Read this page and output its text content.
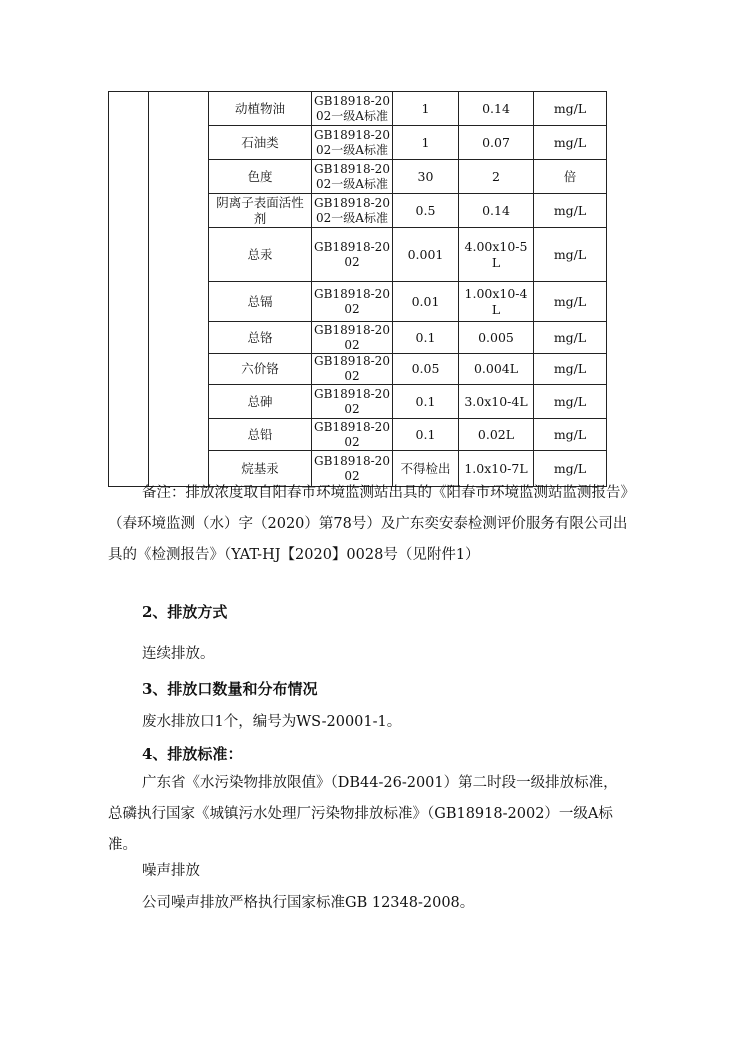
		动植物油	GB18918-2002一级A标准	1	0.14	mg/L

		石油类	GB18918-2002一级A标准	1	0.07	mg/L

		色度	GB18918-2002一级A标准	30	2	倍

		阴离子表面活性剂	GB18918-2002一级A标准	0.5	0.14	mg/L

		总汞	GB18918-2002	0.001	4.00x10-5L	mg/L

		总镉	GB18918-2002	0.01	1.00x10-4L	mg/L

		总铬	GB18918-2002	0.1	0.005	mg/L

		六价铬	GB18918-2002	0.05	0.004L	mg/L

		总砷	GB18918-2002	0.1	3.0x10-4L	mg/L

		总铅	GB18918-2002	0.1	0.02L	mg/L

		烷基汞	GB18918-2002	不得检出	1.0x10-7L	mg/L

备注：排放浓度取自阳春市环境监测站出具的《阳春市环境监测站监测报告》（春环境监测（水）字（2020）第78号）及广东奕安泰检测评价服务有限公司出具的《检测报告》（YAT-HJ【2020】0028号（见附件1）

2、排放方式

连续排放。

3、排放口数量和分布情况

废水排放口1个，编号为WS-20001-1。

4、排放标准：

广东省《水污染物排放限值》（DB44-26-2001）第二时段一级排放标准，总磷执行国家《城镇污水处理厂污染物排放标准》（GB18918-2002）一级A标准。

噪声排放

公司噪声排放严格执行国家标准GB 12348-2008。
